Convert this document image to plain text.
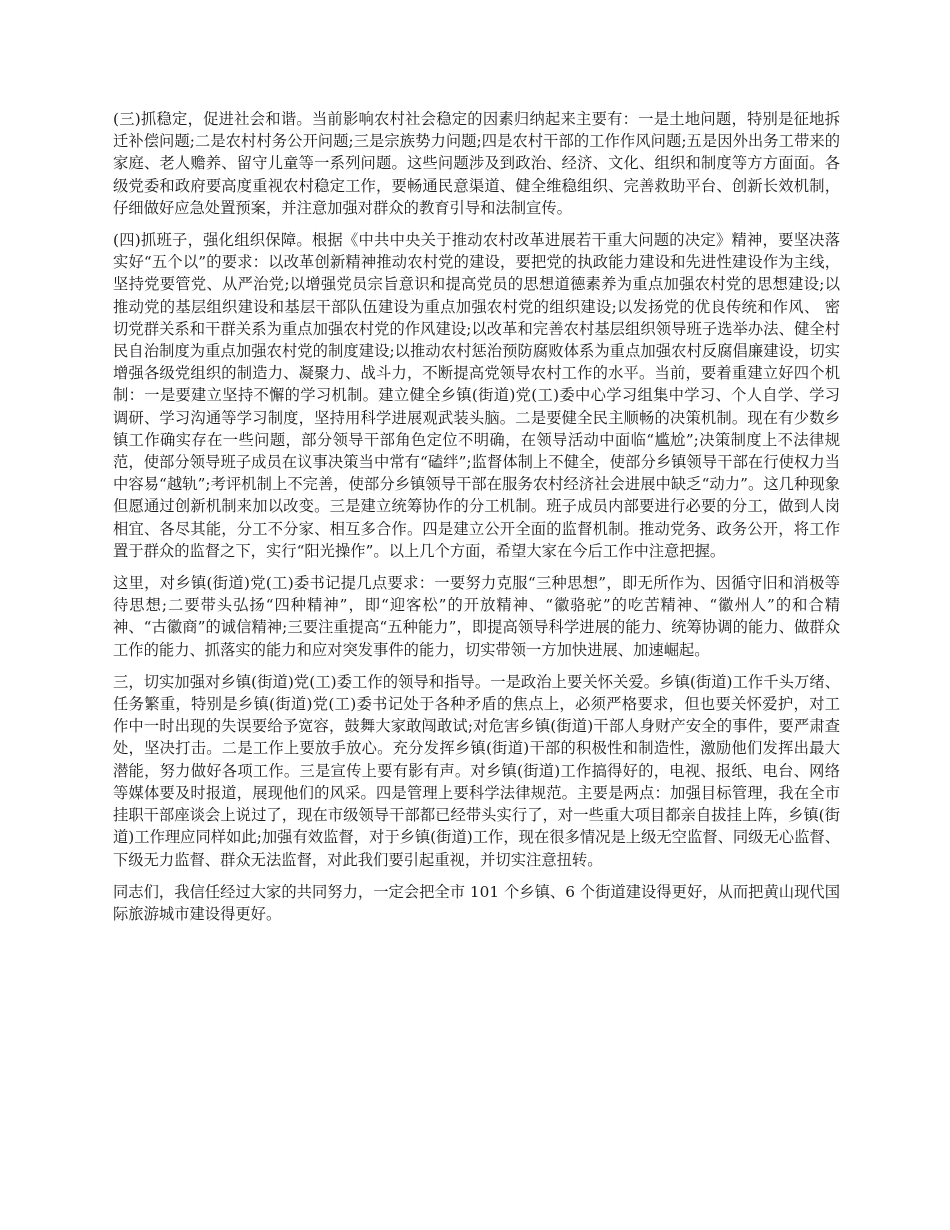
(三)抓稳定，促进社会和谐。当前影响农村社会稳定的因素归纳起来主要有：一是土地问题，特别是征地拆迁补偿问题;二是农村村务公开问题;三是宗族势力问题;四是农村干部的工作作风问题;五是因外出务工带来的家庭、老人赡养、留守儿童等一系列问题。这些问题涉及到政治、经济、文化、组织和制度等方方面面。各级党委和政府要高度重视农村稳定工作，要畅通民意渠道、健全维稳组织、完善救助平台、创新长效机制，仔细做好应急处置预案，并注意加强对群众的教育引导和法制宣传。

(四)抓班子，强化组织保障。根据《中共中央关于推动农村改革进展若干重大问题的决定》精神，要坚决落实好“五个以”的要求：以改革创新精神推动农村党的建设，要把党的执政能力建设和先进性建设作为主线，坚持党要管党、从严治党;以增强党员宗旨意识和提高党员的思想道德素养为重点加强农村党的思想建设;以推动党的基层组织建设和基层干部队伍建设为重点加强农村党的组织建设;以发扬党的优良传统和作风、 密切党群关系和干群关系为重点加强农村党的作风建设;以改革和完善农村基层组织领导班子选举办法、健全村民自治制度为重点加强农村党的制度建设;以推动农村惩治预防腐败体系为重点加强农村反腐倡廉建设，切实增强各级党组织的制造力、凝聚力、战斗力，不断提高党领导农村工作的水平。当前，要着重建立好四个机制：一是要建立坚持不懈的学习机制。建立健全乡镇(街道)党(工)委中心学习组集中学习、个人自学、学习调研、学习沟通等学习制度，坚持用科学进展观武装头脑。二是要健全民主顺畅的决策机制。现在有少数乡镇工作确实存在一些问题，部分领导干部角色定位不明确，在领导活动中面临“尴尬”;决策制度上不法律规范，使部分领导班子成员在议事决策当中常有“磕绊”;监督体制上不健全，使部分乡镇领导干部在行使权力当中容易“越轨”;考评机制上不完善，使部分乡镇领导干部在服务农村经济社会进展中缺乏“动力”。这几种现象但愿通过创新机制来加以改变。三是建立统筹协作的分工机制。班子成员内部要进行必要的分工，做到人岗相宜、各尽其能，分工不分家、相互多合作。四是建立公开全面的监督机制。推动党务、政务公开，将工作置于群众的监督之下，实行“阳光操作”。以上几个方面，希望大家在今后工作中注意把握。

这里，对乡镇(街道)党(工)委书记提几点要求：一要努力克服“三种思想”，即无所作为、因循守旧和消极等待思想;二要带头弘扬“四种精神”，即“迎客松”的开放精神、“徽骆驼”的吃苦精神、“徽州人”的和合精神、“古徽商”的诚信精神;三要注重提高“五种能力”，即提高领导科学进展的能力、统筹协调的能力、做群众工作的能力、抓落实的能力和应对突发事件的能力，切实带领一方加快进展、加速崛起。

三，切实加强对乡镇(街道)党(工)委工作的领导和指导。一是政治上要关怀关爱。乡镇(街道)工作千头万绪、任务繁重，特别是乡镇(街道)党(工)委书记处于各种矛盾的焦点上，必须严格要求，但也要关怀爱护，对工作中一时出现的失误要给予宽容，鼓舞大家敢闯敢试;对危害乡镇(街道)干部人身财产安全的事件，要严肃查处，坚决打击。二是工作上要放手放心。充分发挥乡镇(街道)干部的积极性和制造性，激励他们发挥出最大潜能，努力做好各项工作。三是宣传上要有影有声。对乡镇(街道)工作搞得好的，电视、报纸、电台、网络等媒体要及时报道，展现他们的风采。四是管理上要科学法律规范。主要是两点：加强目标管理，我在全市挂职干部座谈会上说过了，现在市级领导干部都已经带头实行了，对一些重大项目都亲自拔挂上阵，乡镇(街道)工作理应同样如此;加强有效监督，对于乡镇(街道)工作，现在很多情况是上级无空监督、同级无心监督、下级无力监督、群众无法监督，对此我们要引起重视，并切实注意扭转。

同志们，我信任经过大家的共同努力，一定会把全市 101 个乡镇、6 个街道建设得更好，从而把黄山现代国际旅游城市建设得更好。
